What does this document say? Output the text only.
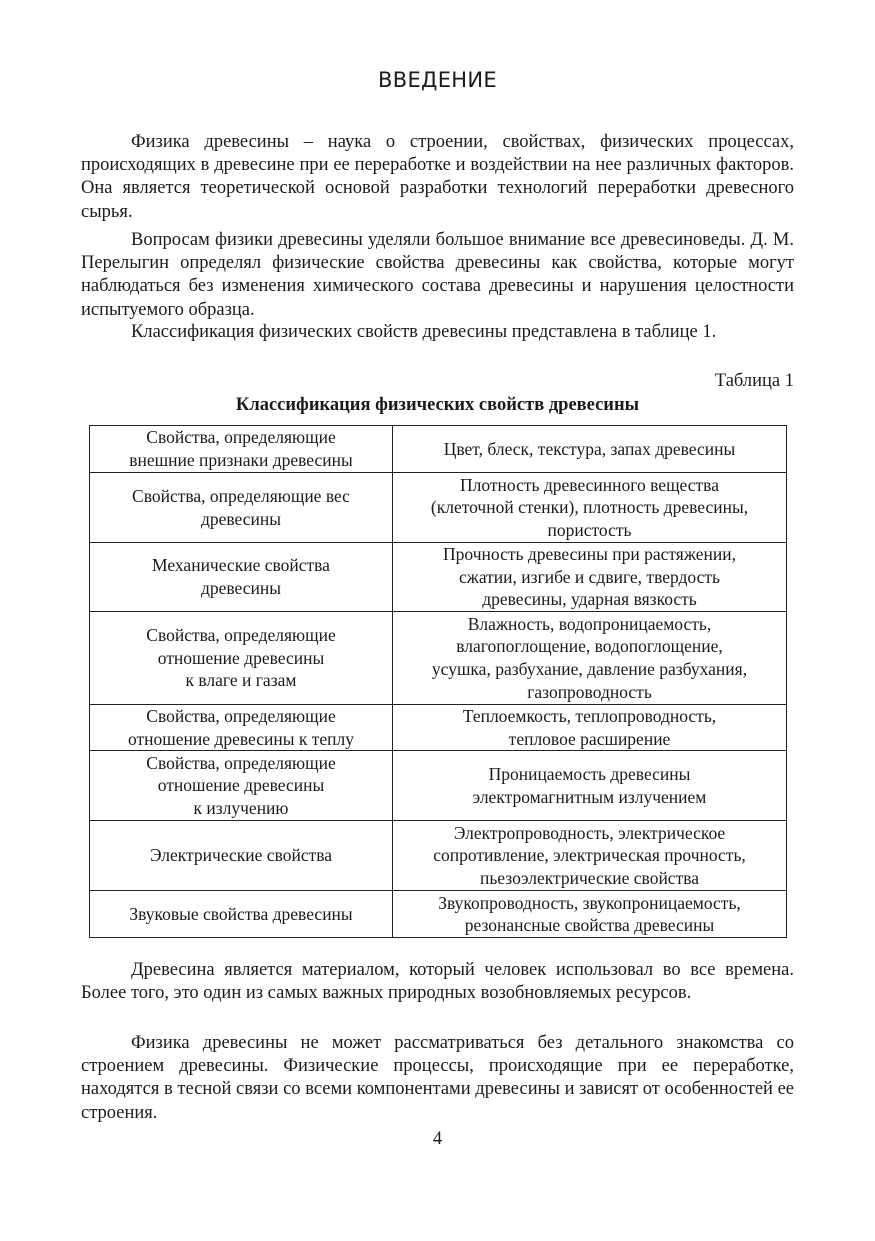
ВВЕДЕНИЕ

Физика древесины – наука о строении, свойствах, физических процессах, происходящих в древесине при ее переработке и воздействии на нее различных факторов. Она является теоретической основой разработки технологий переработки древесного сырья.

Вопросам физики древесины уделяли большое внимание все древесиноведы. Д. М. Перелыгин определял физические свойства древесины как свойства, которые могут наблюдаться без изменения химического состава древесины и нарушения целостности испытуемого образца.

Классификация физических свойств древесины представлена в таблице 1.

Таблица 1
Классификация физических свойств древесины
Свойства, определяющие
внешние признаки древесины	Цвет, блеск, текстура, запах древесины

Свойства, определяющие вес
древесины	Плотность древесинного вещества
(клеточной стенки), плотность древесины,
пористость

Механические свойства
древесины	Прочность древесины при растяжении,
сжатии, изгибе и сдвиге, твердость
древесины, ударная вязкость

Свойства, определяющие
отношение древесины
к влаге и газам	Влажность, водопроницаемость,
влагопоглощение, водопоглощение,
усушка, разбухание, давление разбухания,
газопроводность

Свойства, определяющие
отношение древесины к теплу	Теплоемкость, теплопроводность,
тепловое расширение

Свойства, определяющие
отношение древесины
к излучению	Проницаемость древесины
электромагнитным излучением

Электрические свойства	Электропроводность, электрическое
сопротивление, электрическая прочность,
пьезоэлектрические свойства

Звуковые свойства древесины	Звукопроводность, звукопроницаемость,
резонансные свойства древесины

Древесина является материалом, который человек использовал во все времена. Более того, это один из самых важных природных возобновляемых ресурсов.

Физика древесины не может рассматриваться без детального знакомства со строением древесины. Физические процессы, происходящие при ее переработке, находятся в тесной связи со всеми компонентами древесины и зависят от особенностей ее строения.

4
